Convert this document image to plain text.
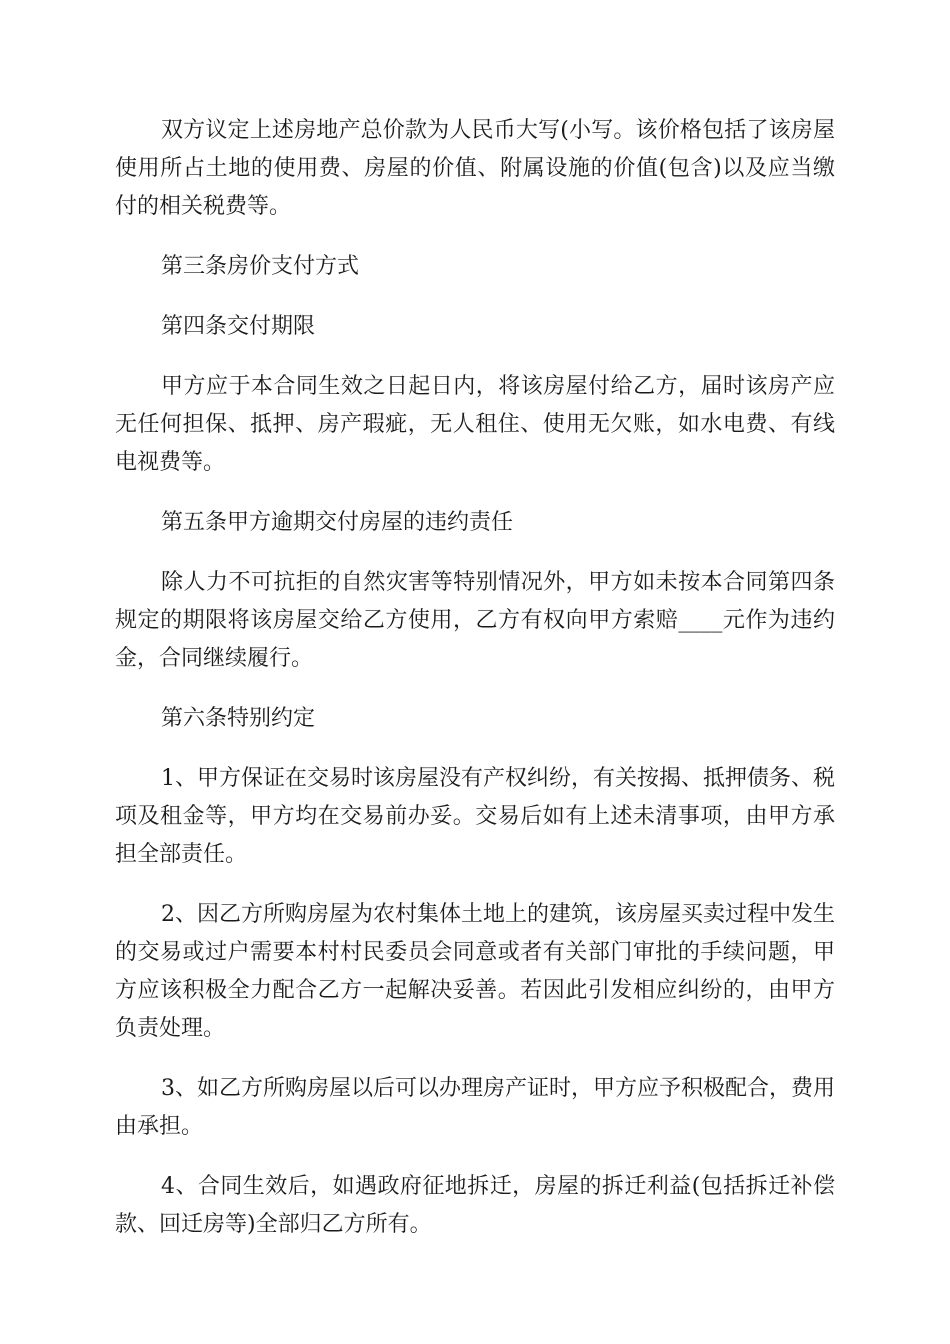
双方议定上述房地产总价款为人民币大写(小写。该价格包括了该房屋使用所占土地的使用费、房屋的价值、附属设施的价值(包含)以及应当缴付的相关税费等。

第三条房价支付方式

第四条交付期限

甲方应于本合同生效之日起日内，将该房屋付给乙方，届时该房产应无任何担保、抵押、房产瑕疵，无人租住、使用无欠账，如水电费、有线电视费等。

第五条甲方逾期交付房屋的违约责任

除人力不可抗拒的自然灾害等特别情况外，甲方如未按本合同第四条规定的期限将该房屋交给乙方使用，乙方有权向甲方索赔____元作为违约金，合同继续履行。

第六条特别约定

1、甲方保证在交易时该房屋没有产权纠纷，有关按揭、抵押债务、税项及租金等，甲方均在交易前办妥。交易后如有上述未清事项，由甲方承担全部责任。

2、因乙方所购房屋为农村集体土地上的建筑，该房屋买卖过程中发生的交易或过户需要本村村民委员会同意或者有关部门审批的手续问题，甲方应该积极全力配合乙方一起解决妥善。若因此引发相应纠纷的，由甲方负责处理。

3、如乙方所购房屋以后可以办理房产证时，甲方应予积极配合，费用由承担。

4、合同生效后，如遇政府征地拆迁，房屋的拆迁利益(包括拆迁补偿款、回迁房等)全部归乙方所有。
